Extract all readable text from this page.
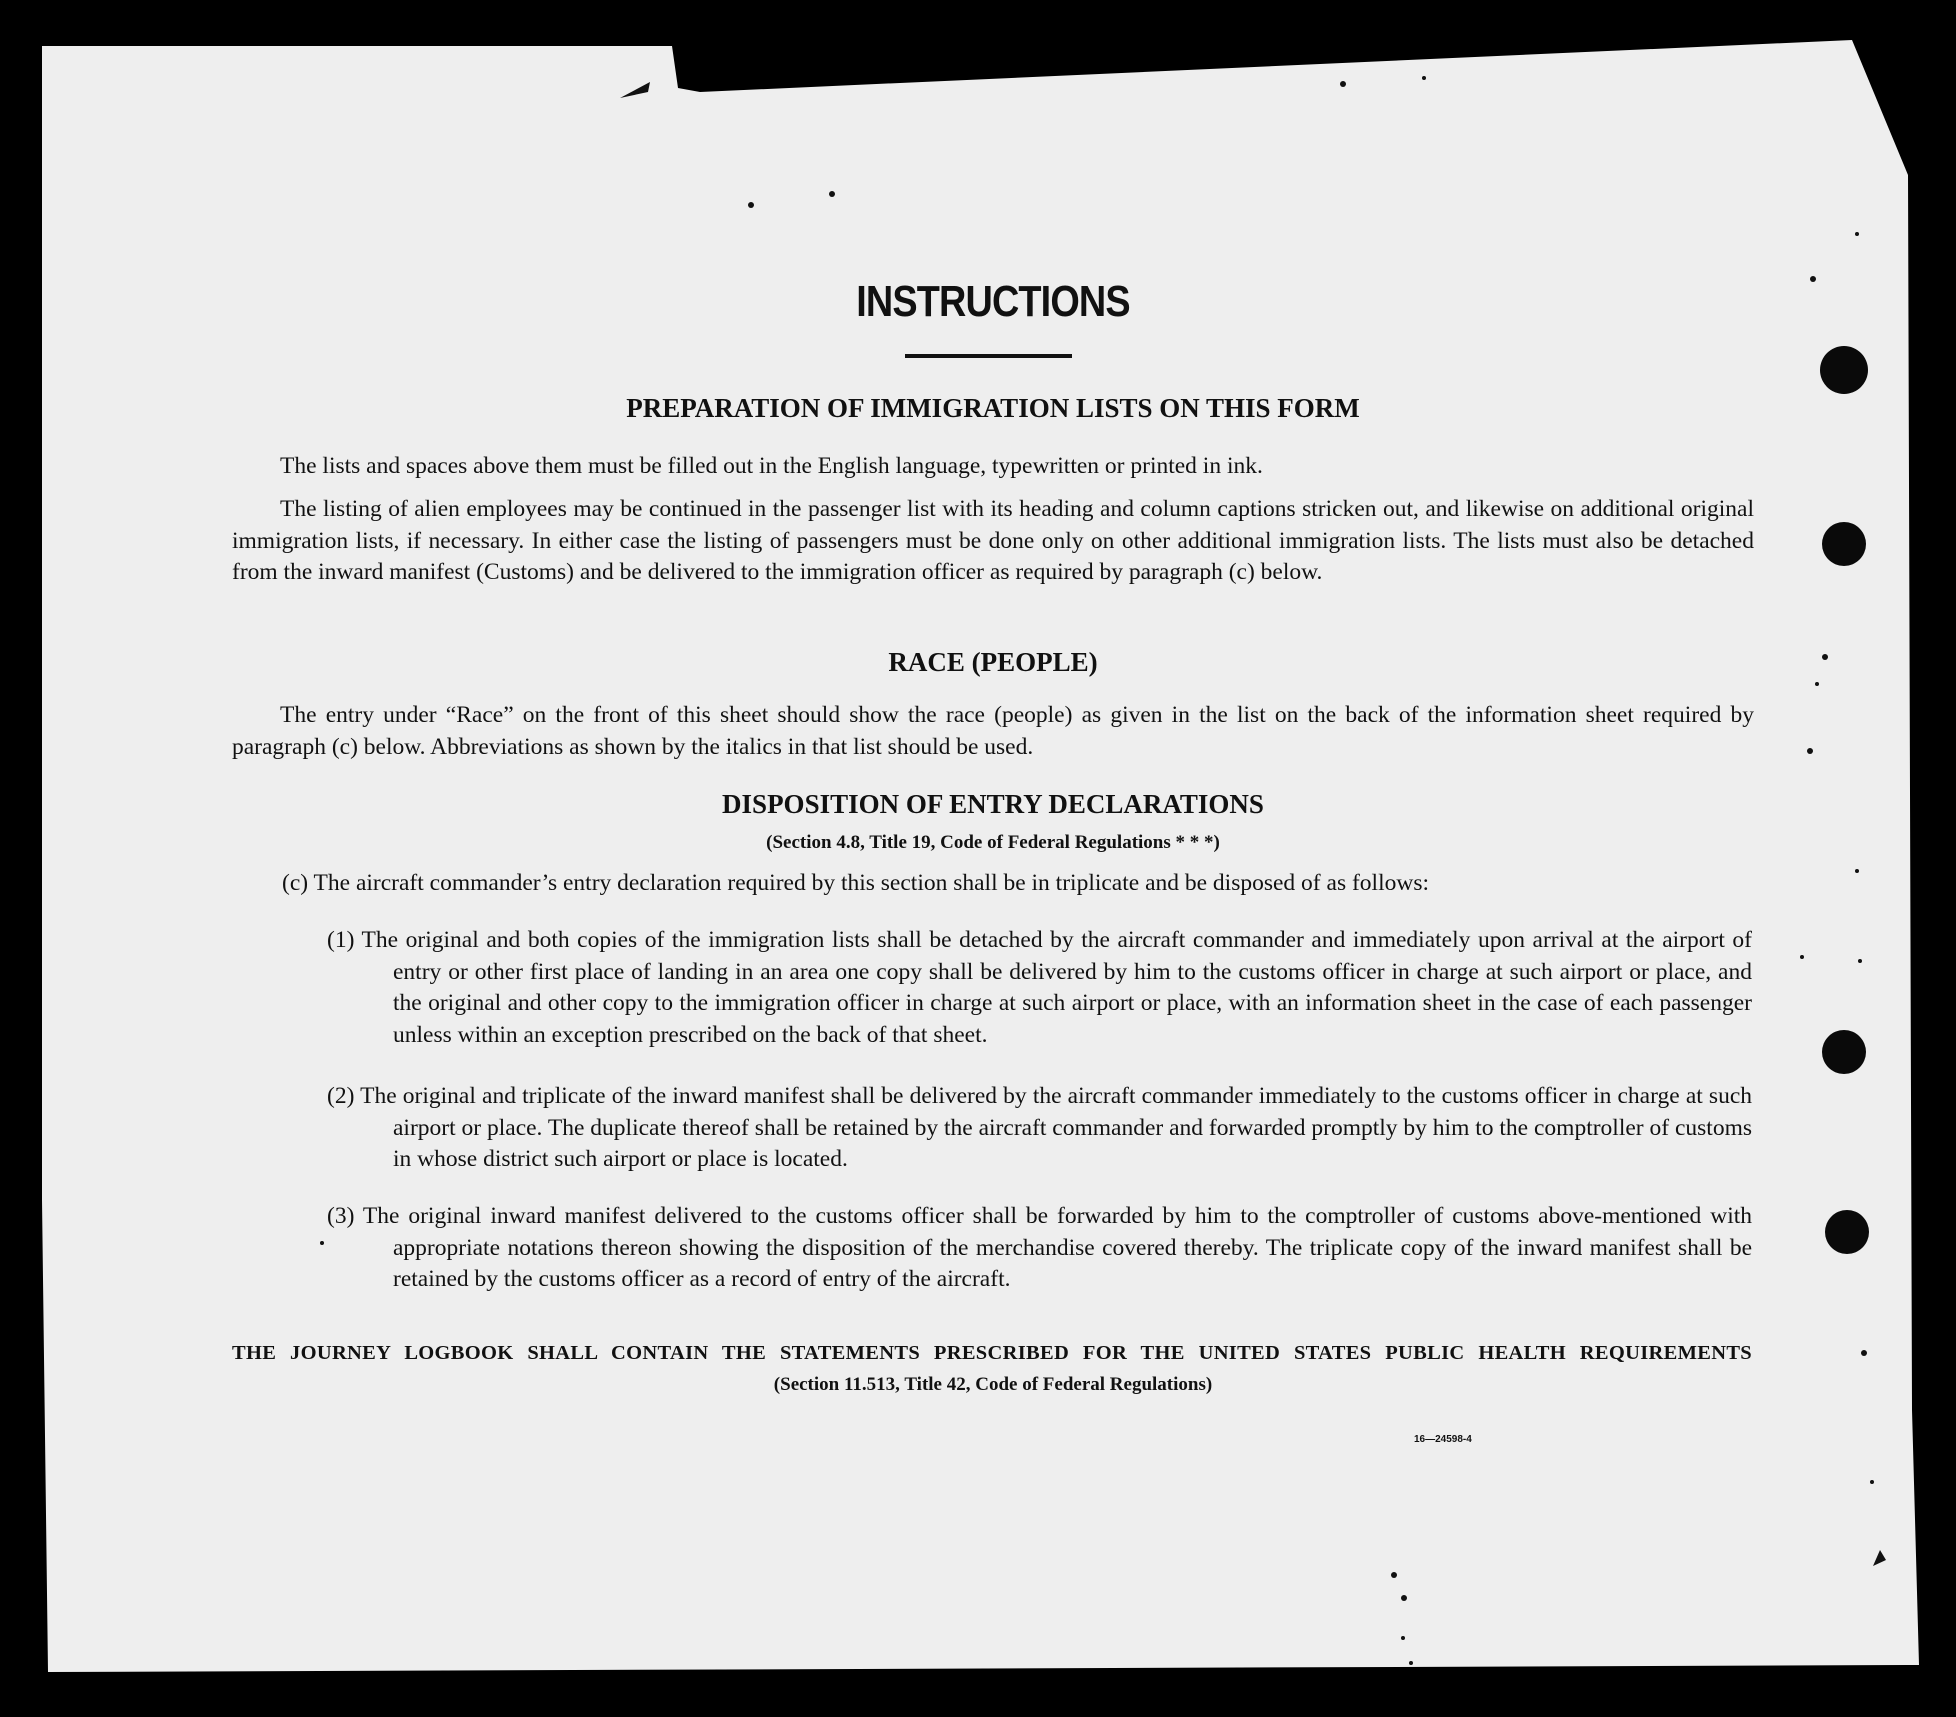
INSTRUCTIONS
PREPARATION OF IMMIGRATION LISTS ON THIS FORM

The lists and spaces above them must be filled out in the English language, typewritten or printed in ink.

The listing of alien employees may be continued in the passenger list with its heading and column captions stricken out, and likewise on additional original immigration lists, if necessary. In either case the listing of passengers must be done only on other additional immigration lists. The lists must also be detached from the inward manifest (Customs) and be delivered to the immigration officer as required by paragraph (c) below.

RACE (PEOPLE)

The entry under “Race” on the front of this sheet should show the race (people) as given in the list on the back of the information sheet required by paragraph (c) below. Abbreviations as shown by the italics in that list should be used.

DISPOSITION OF ENTRY DECLARATIONS
(Section 4.8, Title 19, Code of Federal Regulations * * *)

(c) The aircraft commander’s entry declaration required by this section shall be in triplicate and be disposed of as follows:

(1) The original and both copies of the immigration lists shall be detached by the aircraft commander and immediately upon arrival at the airport of entry or other first place of landing in an area one copy shall be delivered by him to the customs officer in charge at such airport or place, and the original and other copy to the immigration officer in charge at such airport or place, with an information sheet in the case of each passenger unless within an exception prescribed on the back of that sheet.

(2) The original and triplicate of the inward manifest shall be delivered by the aircraft commander immediately to the customs officer in charge at such airport or place. The duplicate thereof shall be retained by the aircraft commander and forwarded promptly by him to the comptroller of customs in whose district such airport or place is located.

(3) The original inward manifest delivered to the customs officer shall be forwarded by him to the comptroller of customs above-mentioned with appropriate notations thereon showing the disposition of the merchandise covered thereby. The triplicate copy of the inward manifest shall be retained by the customs officer as a record of entry of the aircraft.

THE JOURNEY LOGBOOK SHALL CONTAIN THE STATEMENTS PRESCRIBED FOR THE UNITED STATES PUBLIC HEALTH REQUIREMENTS
(Section 11.513, Title 42, Code of Federal Regulations)
16—24598-4
